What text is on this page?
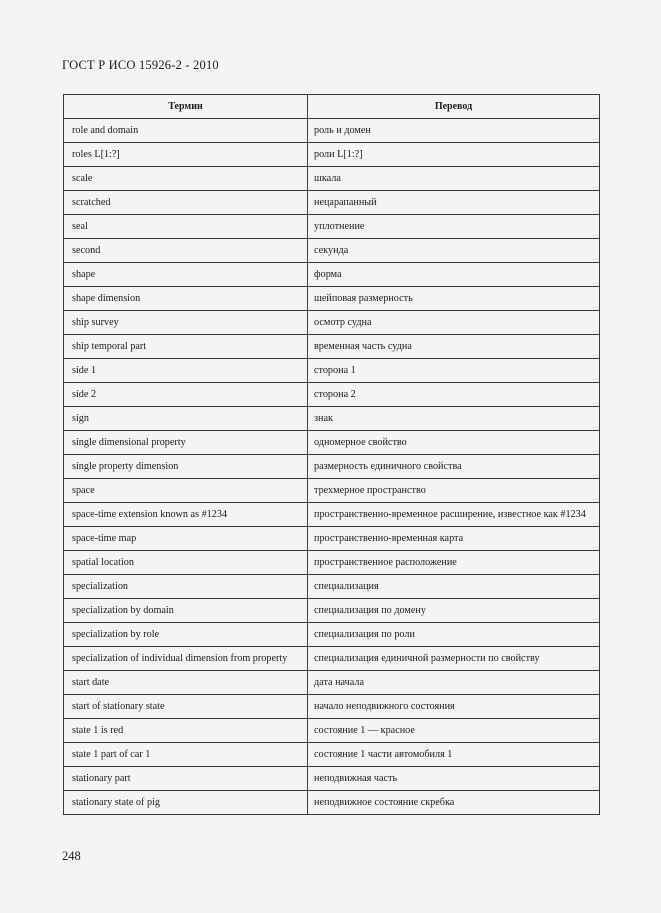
ГОСТ Р ИСО 15926-2 - 2010
Термин	Перевод
role and domain	роль и домен
roles L[1:?]	роли L[1:?]
scale	шкала
scratched	нецарапанный
seal	уплотнение
second	секунда
shape	форма
shape dimension	шейповая размерность
ship survey	осмотр судна
ship temporal part	временная часть судна
side 1	сторона 1
side 2	сторона 2
sign	знак
single dimensional property	одномерное свойство
single property dimension	размерность единичного свойства
space	трехмерное пространство
space-time extension known as #1234	пространственно-временное расширение, известное как #1234
space-time map	пространственно-временная карта
spatial location	пространственное расположение
specialization	специализация
specialization by domain	специализация по домену
specialization by role	специализация по роли
specialization of individual dimension from property	специализация единичной размерности по свойству
start date	дата начала
start of stationary state	начало неподвижного состояния
state 1 is red	состояние 1 — красное
state 1 part of car 1	состояние 1 части автомобиля 1
stationary part	неподвижная часть
stationary state of pig	неподвижное состояние скребка
248
